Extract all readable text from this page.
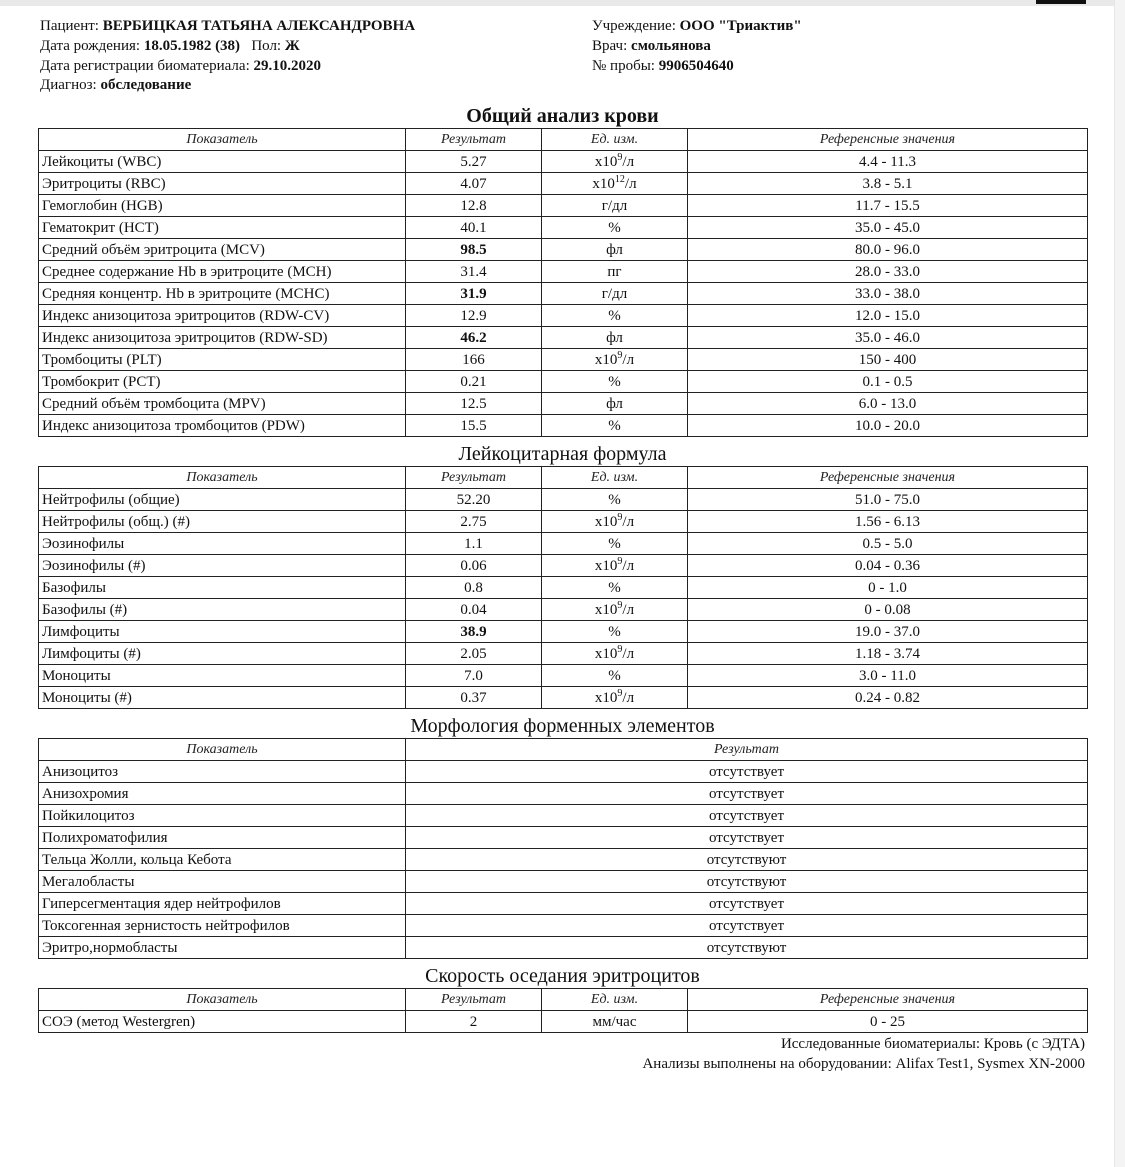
Пациент: ВЕРБИЦКАЯ ТАТЬЯНА АЛЕКСАНДРОВНА
Дата рождения: 18.05.1982 (38) Пол: Ж
Дата регистрации биоматериала: 29.10.2020
Диагноз: обследование
Учреждение: ООО "Триактив"
Врач: смольянова
№ пробы: 9906504640
Общий анализ крови
Показатель	Результат	Ед. изм.	Референсные значения
Лейкоциты (WBC)	5.27	$x10^9/л$	4.4 - 11.3
Эритроциты (RBC)	4.07	$x10^{12}/л$	3.8 - 5.1
Гемоглобин (HGB)	12.8	г/дл	11.7 - 15.5
Гематокрит (HCT)	40.1	%	35.0 - 45.0
Средний объём эритроцита (MCV)	98.5	фл	80.0 - 96.0
Среднее содержание Hb в эритроците (MCH)	31.4	пг	28.0 - 33.0
Средняя концентр. Hb в эритроците (MCHC)	31.9	г/дл	33.0 - 38.0
Индекс анизоцитоза эритроцитов (RDW-CV)	12.9	%	12.0 - 15.0
Индекс анизоцитоза эритроцитов (RDW-SD)	46.2	фл	35.0 - 46.0
Тромбоциты (PLT)	166	$x10^9/л$	150 - 400
Тромбокрит (PCT)	0.21	%	0.1 - 0.5
Средний объём тромбоцита (MPV)	12.5	фл	6.0 - 13.0
Индекс анизоцитоза тромбоцитов (PDW)	15.5	%	10.0 - 20.0
Лейкоцитарная формула
Показатель	Результат	Ед. изм.	Референсные значения
Нейтрофилы (общие)	52.20	%	51.0 - 75.0
Нейтрофилы (общ.) (#)	2.75	$x10^9/л$	1.56 - 6.13
Эозинофилы	1.1	%	0.5 - 5.0
Эозинофилы (#)	0.06	$x10^9/л$	0.04 - 0.36
Базофилы	0.8	%	0 - 1.0
Базофилы (#)	0.04	$x10^9/л$	0 - 0.08
Лимфоциты	38.9	%	19.0 - 37.0
Лимфоциты (#)	2.05	$x10^9/л$	1.18 - 3.74
Моноциты	7.0	%	3.0 - 11.0
Моноциты (#)	0.37	$x10^9/л$	0.24 - 0.82
Морфология форменных элементов
Показатель	Результат
Анизоцитоз	отсутствует
Анизохромия	отсутствует
Пойкилоцитоз	отсутствует
Полихроматофилия	отсутствует
Тельца Жолли, кольца Кебота	отсутствуют
Мегалобласты	отсутствуют
Гиперсегментация ядер нейтрофилов	отсутствует
Токсогенная зернистость нейтрофилов	отсутствует
Эритро,нормобласты	отсутствуют
Скорость оседания эритроцитов
Показатель	Результат	Ед. изм.	Референсные значения
СОЭ (метод Westergren)	2	мм/час	0 - 25
Исследованные биоматериалы: Кровь (с ЭДТА)
Анализы выполнены на оборудовании: Alifax Test1, Sysmex XN-2000
